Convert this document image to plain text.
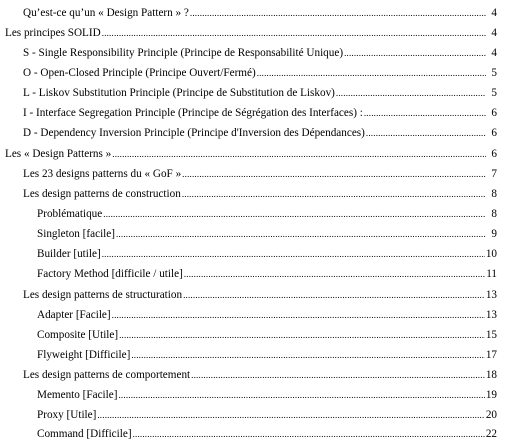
Qu’est-ce qu’un « Design Pattern » ? .....	4
Les principes SOLID .....	4
S - Single Responsibility Principle (Principe de Responsabilité Unique) .....	4
O - Open-Closed Principle (Principe Ouvert/Fermé) .....	5
L - Liskov Substitution Principle (Principe de Substitution de Liskov) .....	5
I - Interface Segregation Principle (Principe de Ségrégation des Interfaces) : .....	6
D - Dependency Inversion Principle (Principe d'Inversion des Dépendances) .....	6
Les « Design Patterns » .....	6
Les 23 designs patterns du « GoF » .....	7
Les design patterns de construction .....	8
Problématique .....	8
Singleton [facile] .....	9
Builder [utile] .....	10
Factory Method [difficile / utile] .....	11
Les design patterns de structuration .....	13
Adapter [Facile] .....	13
Composite [Utile] .....	15
Flyweight [Difficile] .....	17
Les design patterns de comportement .....	18
Memento [Facile] .....	19
Proxy [Utile] .....	20
Command [Difficile] .....	22
